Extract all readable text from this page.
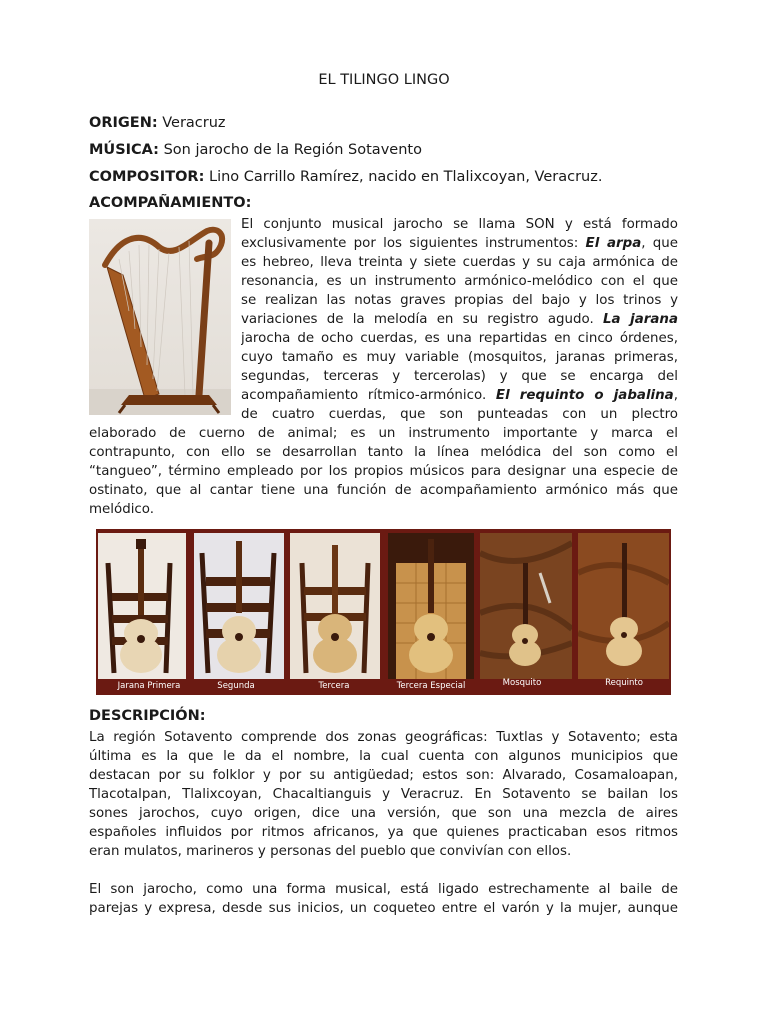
EL TILINGO LINGO
ORIGEN: Veracruz
MÚSICA: Son jarocho de la Región Sotavento
COMPOSITOR: Lino Carrillo Ramírez, nacido en Tlalixcoyan, Veracruz.
ACOMPAÑAMIENTO:
El conjunto musical jarocho se llama SON y está formado
exclusivamente por los siguientes instrumentos: El arpa, que
es hebreo, lleva treinta y siete cuerdas y su caja armónica de
resonancia, es un instrumento armónico-melódico con el que
se realizan las notas graves propias del bajo y los trinos y
variaciones de la melodía en su registro agudo. La jarana
jarocha de ocho cuerdas, es una repartidas en cinco órdenes,
cuyo tamaño es muy variable (mosquitos, jaranas primeras,
segundas, terceras y tercerolas) y que se encarga del
acompañamiento rítmico-armónico. El requinto o jabalina,
de cuatro cuerdas, que son punteadas con un plectro
elaborado de cuerno de animal; es un instrumento importante y marca el
contrapunto, con ello se desarrollan tanto la línea melódica del son como el
“tangueo”, término empleado por los propios músicos para designar una especie de
ostinato, que al cantar tiene una función de acompañamiento armónico más que
melódico.
Jarana Primera	Segunda	Tercera	Tercera Especial	Mosquito	Requinto
DESCRIPCIÓN:
La región Sotavento comprende dos zonas geográficas: Tuxtlas y Sotavento; esta
última es la que le da el nombre, la cual cuenta con algunos municipios que
destacan por su folklor y por su antigüedad; estos son: Alvarado, Cosamaloapan,
Tlacotalpan, Tlalixcoyan, Chacaltianguis y Veracruz. En Sotavento se bailan los
sones jarochos, cuyo origen, dice una versión, que son una mezcla de aires
españoles influidos por ritmos africanos, ya que quienes practicaban esos ritmos
eran mulatos, marineros y personas del pueblo que convivían con ellos.
El son jarocho, como una forma musical, está ligado estrechamente al baile de
parejas y expresa, desde sus inicios, un coqueteo entre el varón y la mujer, aunque
